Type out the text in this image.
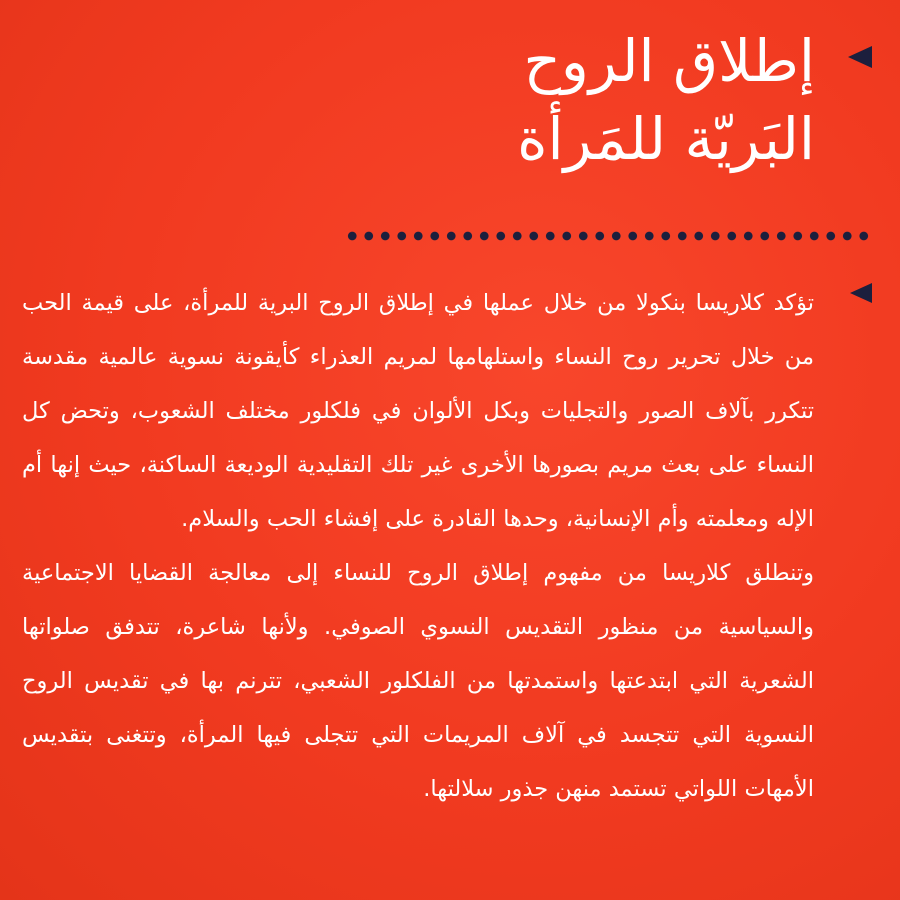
إطلاق الروح
البَريّة للمَرأة

تؤكد كلاريسا بنكولا من خلال عملها في إطلاق الروح البرية للمرأة، على قيمة الحب من خلال تحرير روح النساء واستلهامها لمريم العذراء كأيقونة نسوية عالمية مقدسة تتكرر بآلاف الصور والتجليات وبكل الألوان في فلكلور مختلف الشعوب، وتحض كل النساء على بعث مريم بصورها الأخرى غير تلك التقليدية الوديعة الساكنة، حيث إنها أم الإله ومعلمته وأم الإنسانية، وحدها القادرة على إفشاء الحب والسلام.

وتنطلق كلاريسا من مفهوم إطلاق الروح للنساء إلى معالجة القضايا الاجتماعية والسياسية من منظور التقديس النسوي الصوفي. ولأنها شاعرة، تتدفق صلواتها الشعرية التي ابتدعتها واستمدتها من الفلكلور الشعبي، تترنم بها في تقديس الروح النسوية التي تتجسد في آلاف المريمات التي تتجلى فيها المرأة، وتتغنى بتقديس الأمهات اللواتي تستمد منهن جذور سلالتها.
